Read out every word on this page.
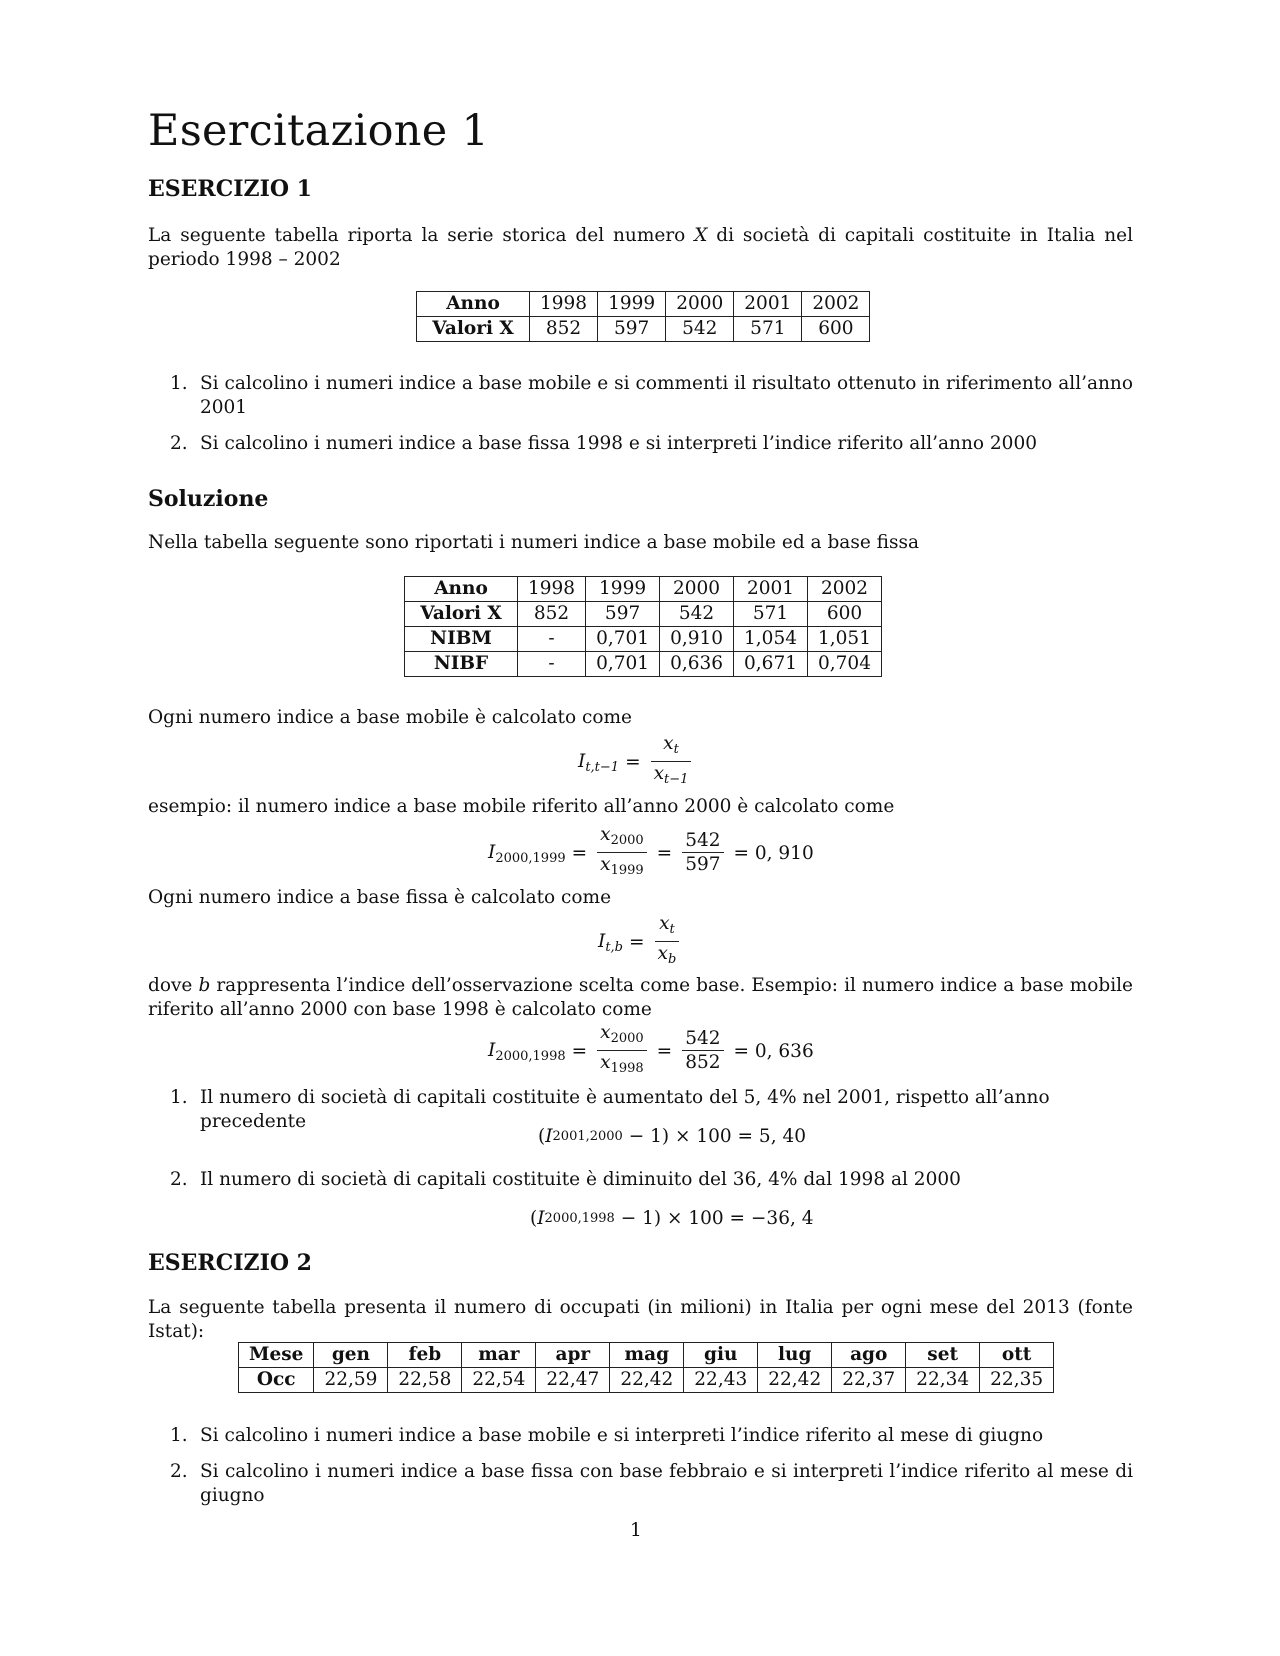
Esercitazione 1
ESERCIZIO 1

La seguente tabella riporta la serie storica del numero X di società di capitali costituite in Italia nel periodo 1998 – 2002

Anno	1998	1999	2000	2001	2002
Valori X	852	597	542	571	600
1. Si calcolino i numeri indice a base mobile e si commenti il risultato ottenuto in riferimento all’anno 2001
2. Si calcolino i numeri indice a base fissa 1998 e si interpreti l’indice riferito all’anno 2000
Soluzione

Nella tabella seguente sono riportati i numeri indice a base mobile ed a base fissa

Anno	1998	1999	2000	2001	2002
Valori X	852	597	542	571	600
NIBM	-	0,701	0,910	1,054	1,051
NIBF	-	0,701	0,636	0,671	0,704

Ogni numero indice a base mobile è calcolato come

$I_{t,t-1} = \frac{x_t}{x_{t-1}}$

esempio: il numero indice a base mobile riferito all’anno 2000 è calcolato come

$I_{2000,1999} = \frac{x_{2000}}{x_{1999}} = \frac{542}{597} = 0$, 910

Ogni numero indice a base fissa è calcolato come

$I_{t,b} = \frac{x_t}{x_b}$

dove b rappresenta l’indice dell’osservazione scelta come base. Esempio: il numero indice a base mobile riferito all’anno 2000 con base 1998 è calcolato come

$I_{2000,1998} = \frac{x_{2000}}{x_{1998}} = \frac{542}{852} = 0$, 636
1. Il numero di società di capitali costituite è aumentato del 5, 4% nel 2001, rispetto all’anno precedente
( I 2001,2000 − 1) × 100 = 5, 40
2. Il numero di società di capitali costituite è diminuito del 36, 4% dal 1998 al 2000
( I 2000,1998 − 1) × 100 = −36, 4
ESERCIZIO 2

La seguente tabella presenta il numero di occupati (in milioni) in Italia per ogni mese del 2013 (fonte Istat):

Mese	gen	feb	mar	apr	mag	giu	lug	ago	set	ott
Occ	22,59	22,58	22,54	22,47	22,42	22,43	22,42	22,37	22,34	22,35
1. Si calcolino i numeri indice a base mobile e si interpreti l’indice riferito al mese di giugno
2. Si calcolino i numeri indice a base fissa con base febbraio e si interpreti l’indice riferito al mese di giugno
1
